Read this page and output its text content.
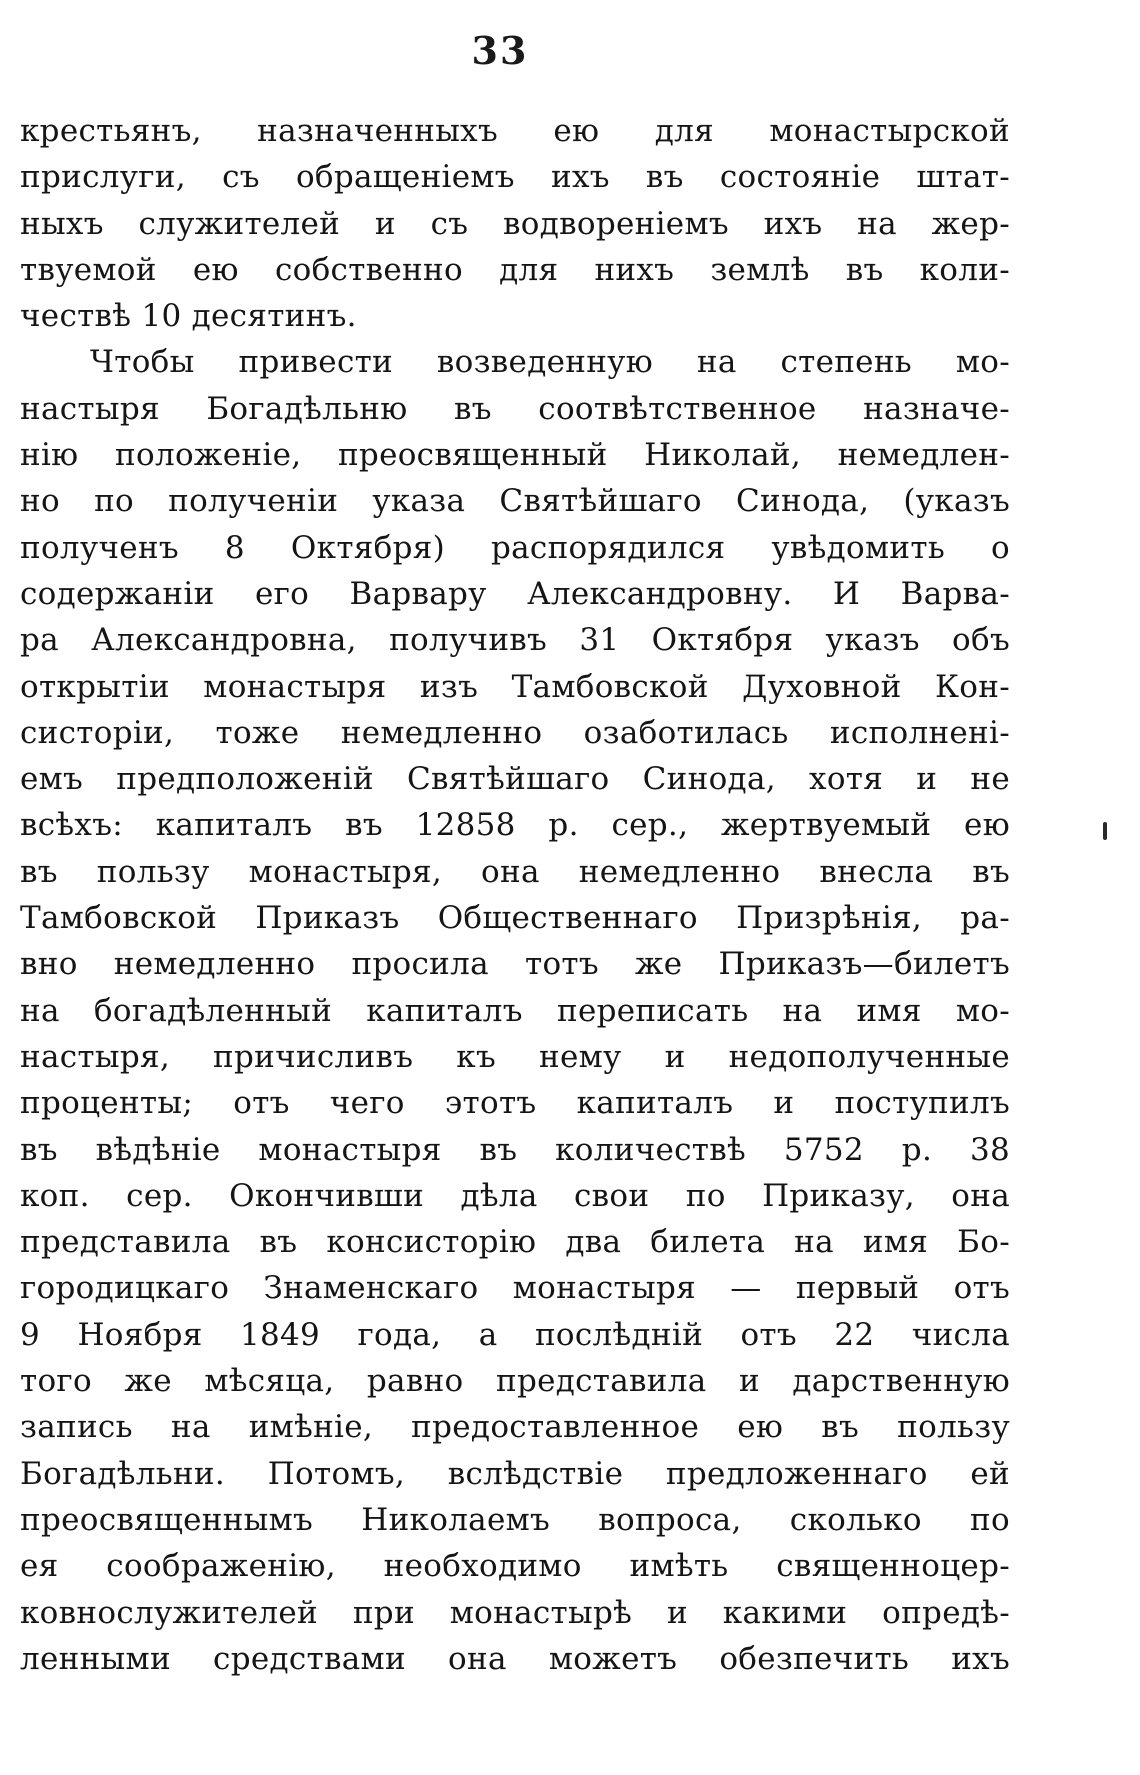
33
крестьянъ, назначенныхъ ею для монастырской
прислуги, съ обращеніемъ ихъ въ состояніе штат-
ныхъ служителей и съ водвореніемъ ихъ на жер-
твуемой ею собственно для нихъ землѣ въ коли-
чествѣ 10 десятинъ.
Чтобы привести возведенную на степень мо-
настыря Богадѣльню въ соотвѣтственное назначе-
нію положеніе, преосвященный Николай, немедлен-
но по полученіи указа Святѣйшаго Синода, (указъ
полученъ 8 Октября) распорядился увѣдомить о
содержаніи его Варвару Александровну. И Варва-
ра Александровна, получивъ 31 Октября указъ объ
открытіи монастыря изъ Тамбовской Духовной Кон-
систоріи, тоже немедленно озаботилась исполненi-
емъ предположеній Святѣйшаго Синода, хотя и не
всѣхъ: капиталъ въ 12858 р. сер., жертвуемый ею
въ пользу монастыря, она немедленно внесла въ
Тамбовской Приказъ Общественнаго Призрѣнія, ра-
вно немедленно просила тотъ же Приказъ—билетъ
на богадѣленный капиталъ переписать на имя мо-
настыря, причисливъ къ нему и недополученные
проценты; отъ чего этотъ капиталъ и поступилъ
въ вѣдѣніе монастыря въ количествѣ 5752 р. 38
коп. сер. Окончивши дѣла свои по Приказу, она
представила въ консисторію два билета на имя Бо-
городицкаго Знаменскаго монастыря — первый отъ
9 Ноября 1849 года, а послѣдній отъ 22 числа
того же мѣсяца, равно представила и дарственную
запись на имѣніе, предоставленное ею въ пользу
Богадѣльни. Потомъ, вслѣдствіе предложеннаго ей
преосвященнымъ Николаемъ вопроса, сколько по
ея соображенію, необходимо имѣть священноцер-
ковнослужителей при монастырѣ и какими опредѣ-
ленными средствами она можетъ обезпечить ихъ
